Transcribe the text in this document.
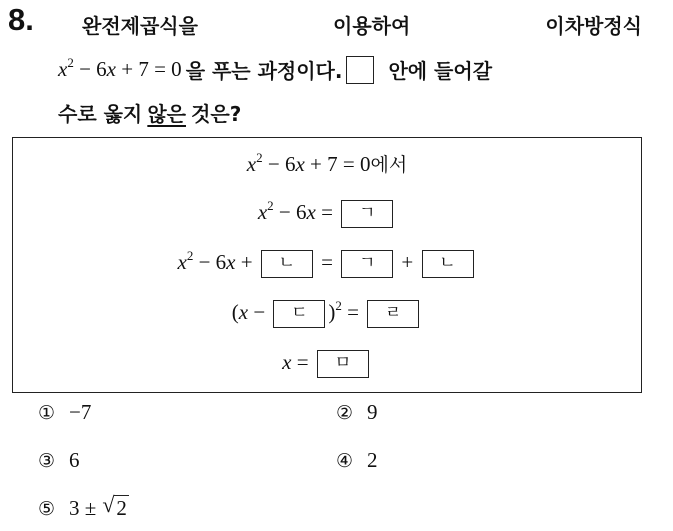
8. 완전제곱식을	이용하여	이차방정식
$x^2 - 6x + 7 = 0$ 을 푸는 과정이다. 안에 들어갈
수로 옳지 않은 것은?
$x^2 - 6x + 7 = 0$에서
$x^2 - 6x$ = ㄱ
$x^2 - 6x$ + ㄴ = ㄱ + ㄴ
(x − ㄷ )$^2$ = ㄹ
x = ㅁ
① −7	② 9
③ 6	④ 2
⑤ 3 ± √ 2
